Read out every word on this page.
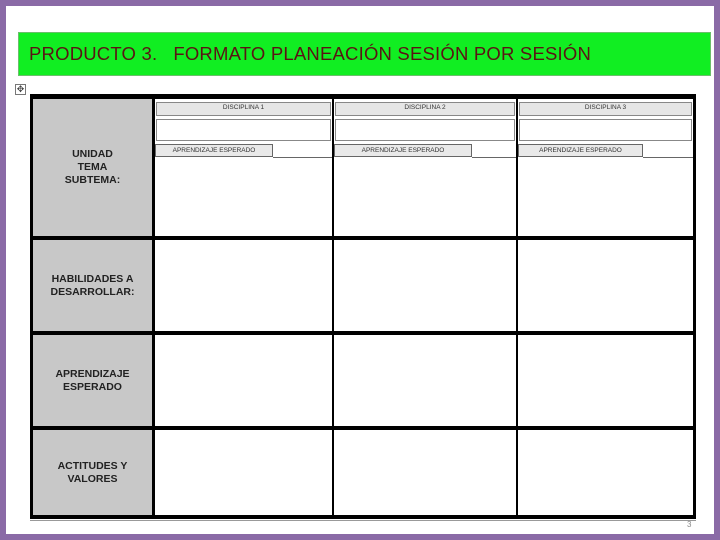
PRODUCTO 3.   FORMATO PLANEACIÓN SESIÓN POR SESIÓN
✥
UNIDAD
TEMA
SUBTEMA:
HABILIDADES A
DESARROLLAR:
APRENDIZAJE
ESPERADO
ACTITUDES Y
VALORES
DISCIPLINA 1
APRENDIZAJE ESPERADO
DISCIPLINA 2
APRENDIZAJE ESPERADO
DISCIPLINA 3
APRENDIZAJE ESPERADO
3
